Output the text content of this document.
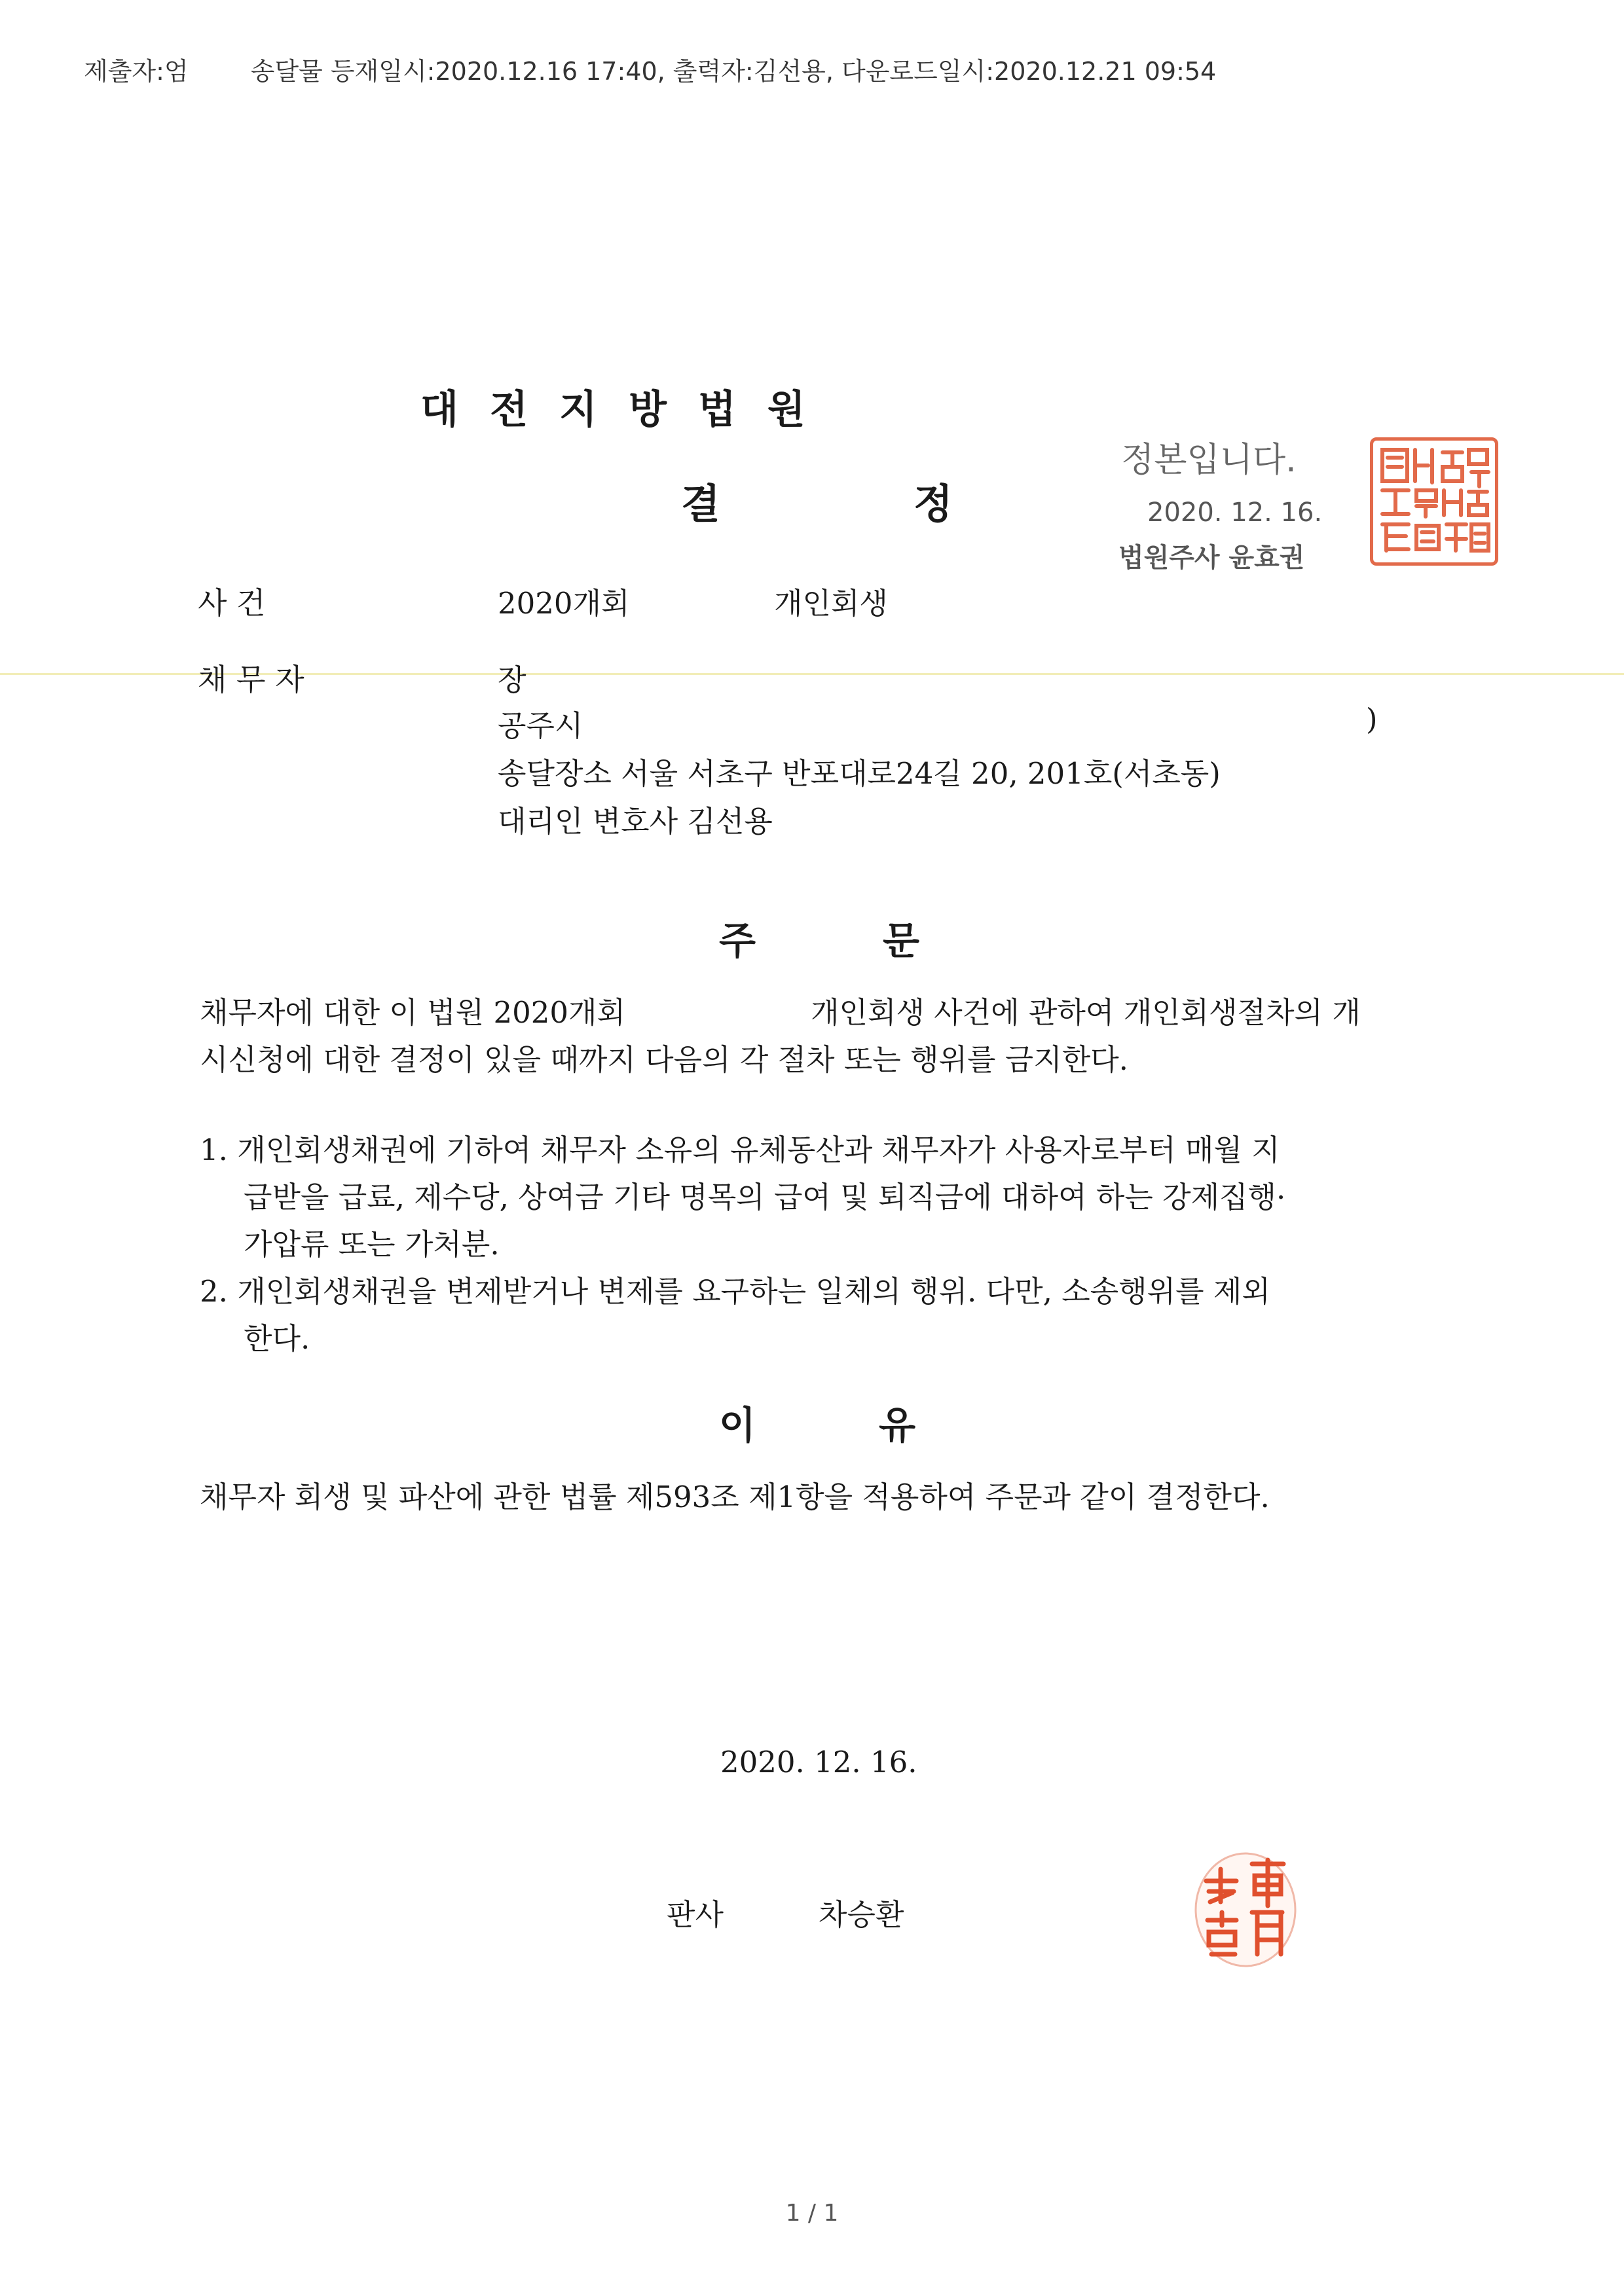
제출자:엄	송달물 등재일시:2020.12.16 17:40, 출력자:김선용, 다운로드일시:2020.12.21 09:54
대전지방법원
결	정
정본입니다.
2020. 12. 16.
법원주사 윤효권
사 건	2020개회	개인회생
채 무 자	장
공주시	)
송달장소 서울 서초구 반포대로24길 20, 201호(서초동)
대리인 변호사 김선용
주	문
채무자에 대한 이 법원 2020개회	개인회생 사건에 관하여 개인회생절차의 개
시신청에 대한 결정이 있을 때까지 다음의 각 절차 또는 행위를 금지한다.
1. 개인회생채권에 기하여 채무자 소유의 유체동산과 채무자가 사용자로부터 매월 지
급받을 급료, 제수당, 상여금 기타 명목의 급여 및 퇴직금에 대하여 하는 강제집행·
가압류 또는 가처분.
2. 개인회생채권을 변제받거나 변제를 요구하는 일체의 행위. 다만, 소송행위를 제외
한다.
이	유
채무자 회생 및 파산에 관한 법률 제593조 제1항을 적용하여 주문과 같이 결정한다.
2020. 12. 16.
판사	차승환
1 / 1
